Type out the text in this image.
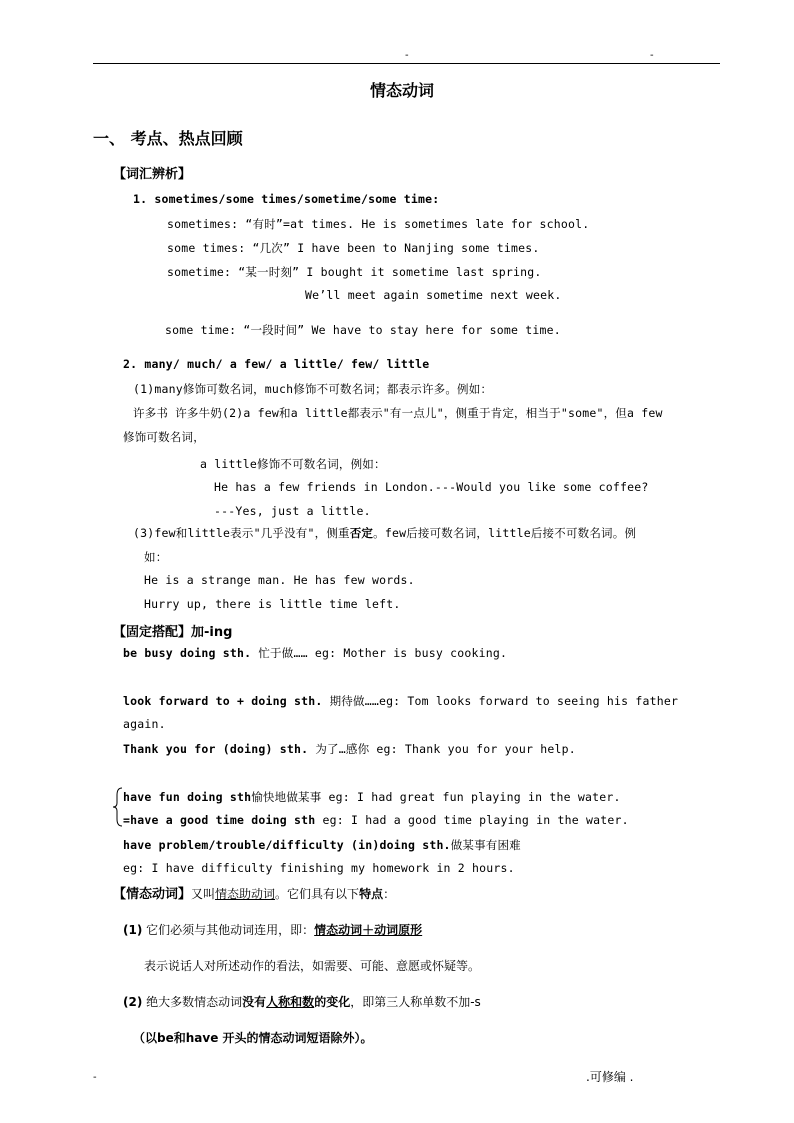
-	-
情态动词
一、 考点、热点回顾
【词汇辨析】
1. sometimes/some times/sometime/some time:
sometimes: “有时”=at times. He is sometimes late for school.
some times: “几次” I have been to Nanjing some times.
sometime: “某一时刻” I bought it sometime last spring.
We’ll meet again sometime next week.
some time: “一段时间” We have to stay here for some time.
2. many/ much/ a few/ a little/ few/ little
(1)many修饰可数名词，much修饰不可数名词；都表示许多。例如：
许多书 许多牛奶(2)a few和a little都表示"有一点儿"，侧重于肯定，相当于"some"，但a few
修饰可数名词，
a little修饰不可数名词，例如：
He has a few friends in London.---Would you like some coffee?
---Yes, just a little.
(3)few和little表示"几乎没有"，侧重否定。few后接可数名词，little后接不可数名词。例
如：
He is a strange man. He has few words.
Hurry up, there is little time left.
【固定搭配】加-ing
be busy doing sth. 忙于做…… eg: Mother is busy cooking.
look forward to + doing sth. 期待做……eg: Tom looks forward to seeing his father
again.
Thank you for (doing) sth. 为了…感你 eg: Thank you for your help.
have fun doing sth愉快地做某事 eg: I had great fun playing in the water.
=have a good time doing sth eg: I had a good time playing in the water.
have problem/trouble/difficulty (in)doing sth.做某事有困难
eg: I have difficulty finishing my homework in 2 hours.
【情态动词】又叫情态助动词。它们具有以下特点：
(1) 它们必须与其他动词连用，即：情态动词＋动词原形
表示说话人对所述动作的看法，如需要、可能、意愿或怀疑等。
(2) 绝大多数情态动词没有人称和数的变化，即第三人称单数不加-s
（以be和have 开头的情态动词短语除外）。
-	.可修编 .
